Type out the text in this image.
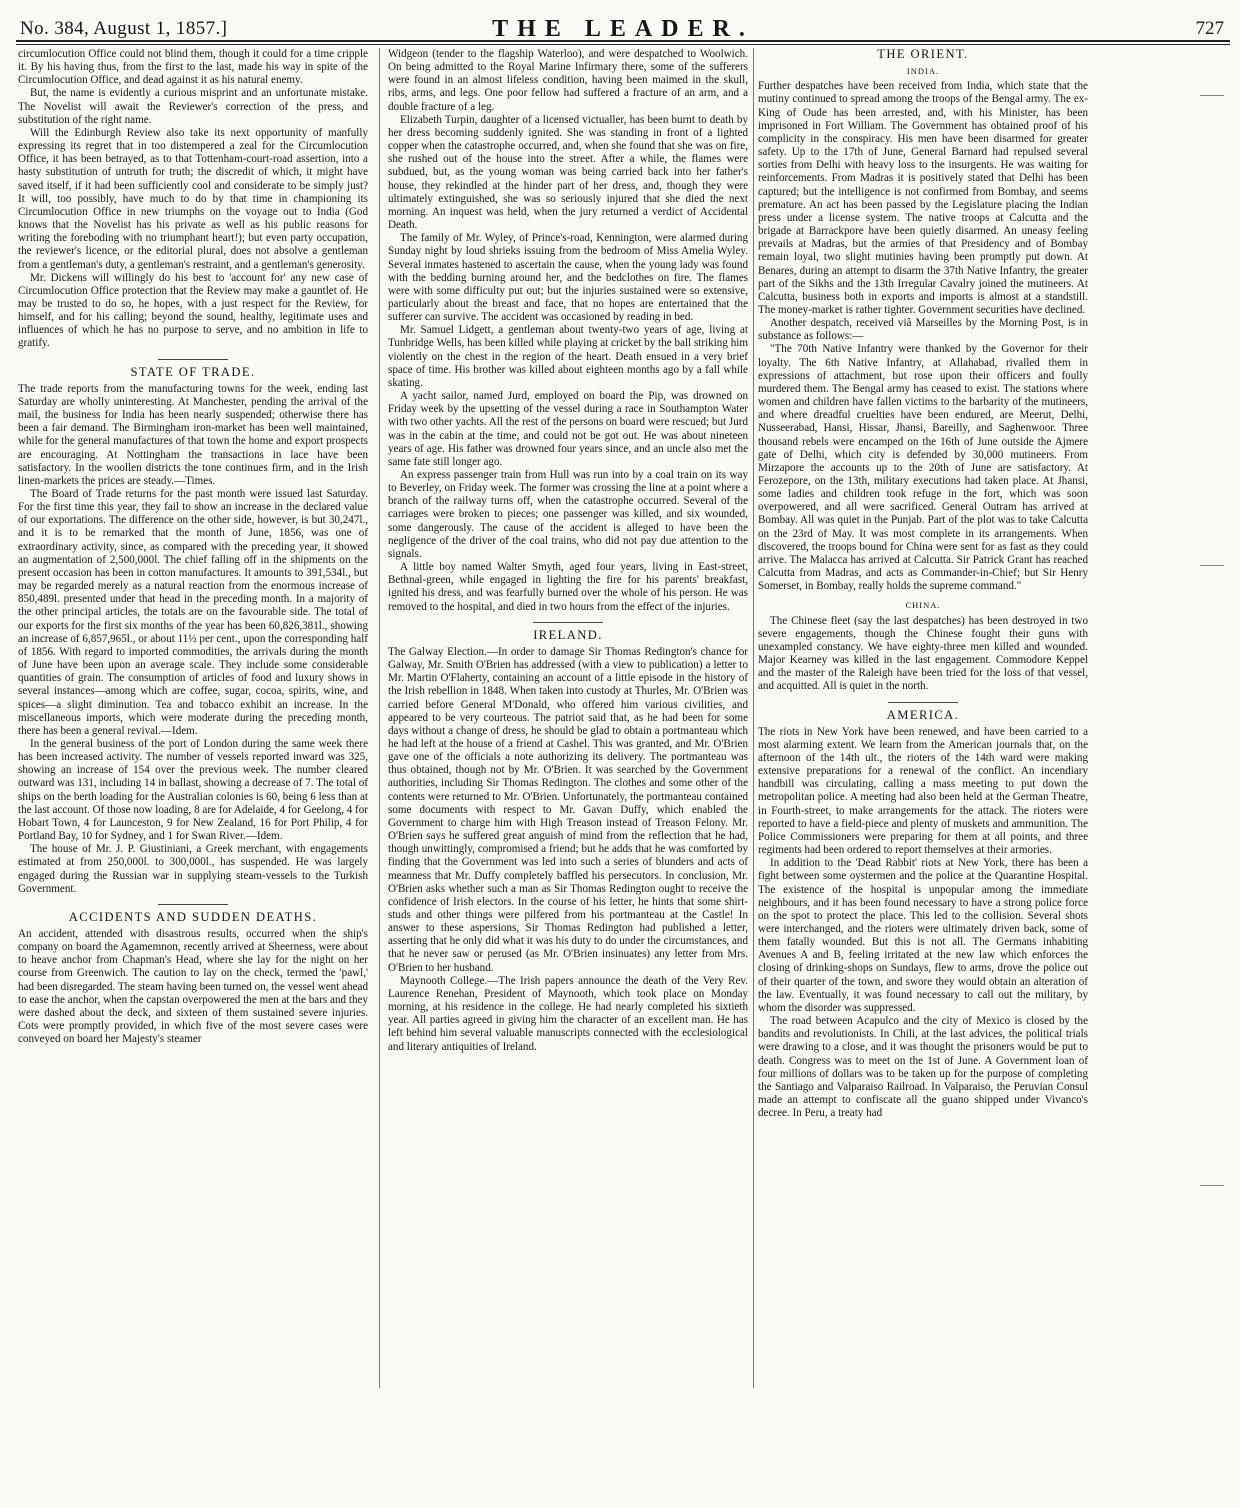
No. 384, August 1, 1857.]	THE LEADER.	727

circumlocution Office could not blind them, though it could for a time cripple it. By his having thus, from the first to the last, made his way in spite of the Circumlocution Office, and dead against it as his natural enemy.

But, the name is evidently a curious misprint and an unfortunate mistake. The Novelist will await the Reviewer's correction of the press, and substitution of the right name.

Will the Edinburgh Review also take its next opportunity of manfully expressing its regret that in too distempered a zeal for the Circumlocution Office, it has been betrayed, as to that Tottenham-court-road assertion, into a hasty substitution of untruth for truth; the discredit of which, it might have saved itself, if it had been sufficiently cool and considerate to be simply just? It will, too possibly, have much to do by that time in championing its Circumlocution Office in new triumphs on the voyage out to India (God knows that the Novelist has his private as well as his public reasons for writing the foreboding with no triumphant heart!); but even party occupation, the reviewer's licence, or the editorial plural, does not absolve a gentleman from a gentleman's duty, a gentleman's restraint, and a gentleman's generosity.

Mr. Dickens will willingly do his best to 'account for' any new case of Circumlocution Office protection that the Review may make a gauntlet of. He may be trusted to do so, he hopes, with a just respect for the Review, for himself, and for his calling; beyond the sound, healthy, legitimate uses and influences of which he has no purpose to serve, and no ambition in life to gratify.

STATE OF TRADE.

The trade reports from the manufacturing towns for the week, ending last Saturday are wholly uninteresting. At Manchester, pending the arrival of the mail, the business for India has been nearly suspended; otherwise there has been a fair demand. The Birmingham iron-market has been well maintained, while for the general manufactures of that town the home and export prospects are encouraging. At Nottingham the transactions in lace have been satisfactory. In the woollen districts the tone continues firm, and in the Irish linen-markets the prices are steady.—Times.

The Board of Trade returns for the past month were issued last Saturday. For the first time this year, they fail to show an increase in the declared value of our exportations. The difference on the other side, however, is but 30,247l., and it is to be remarked that the month of June, 1856, was one of extraordinary activity, since, as compared with the preceding year, it showed an augmentation of 2,500,000l. The chief falling off in the shipments on the present occasion has been in cotton manufactures. It amounts to 391,534l., but may be regarded merely as a natural reaction from the enormous increase of 850,489l. presented under that head in the preceding month. In a majority of the other principal articles, the totals are on the favourable side. The total of our exports for the first six months of the year has been 60,826,381l., showing an increase of 6,857,965l., or about 11½ per cent., upon the corresponding half of 1856. With regard to imported commodities, the arrivals during the month of June have been upon an average scale. They include some considerable quantities of grain. The consumption of articles of food and luxury shows in several instances—among which are coffee, sugar, cocoa, spirits, wine, and spices—a slight diminution. Tea and tobacco exhibit an increase. In the miscellaneous imports, which were moderate during the preceding month, there has been a general revival.—Idem.

In the general business of the port of London during the same week there has been increased activity. The number of vessels reported inward was 325, showing an increase of 154 over the previous week. The number cleared outward was 131, including 14 in ballast, showing a decrease of 7. The total of ships on the berth loading for the Australian colonies is 60, being 6 less than at the last account. Of those now loading, 8 are for Adelaide, 4 for Geelong, 4 for Hobart Town, 4 for Launceston, 9 for New Zealand, 16 for Port Philip, 4 for Portland Bay, 10 for Sydney, and 1 for Swan River.—Idem.

The house of Mr. J. P. Giustiniani, a Greek merchant, with engagements estimated at from 250,000l. to 300,000l., has suspended. He was largely engaged during the Russian war in supplying steam-vessels to the Turkish Government.

ACCIDENTS AND SUDDEN DEATHS.

An accident, attended with disastrous results, occurred when the ship's company on board the Agamemnon, recently arrived at Sheerness, were about to heave anchor from Chapman's Head, where she lay for the night on her course from Greenwich. The caution to lay on the check, termed the 'pawl,' had been disregarded. The steam having been turned on, the vessel went ahead to ease the anchor, when the capstan overpowered the men at the bars and they were dashed about the deck, and sixteen of them sustained severe injuries. Cots were promptly provided, in which five of the most severe cases were conveyed on board her Majesty's steamer

Widgeon (tender to the flagship Waterloo), and were despatched to Woolwich. On being admitted to the Royal Marine Infirmary there, some of the sufferers were found in an almost lifeless condition, having been maimed in the skull, ribs, arms, and legs. One poor fellow had suffered a fracture of an arm, and a double fracture of a leg.

Elizabeth Turpin, daughter of a licensed victualler, has been burnt to death by her dress becoming suddenly ignited. She was standing in front of a lighted copper when the catastrophe occurred, and, when she found that she was on fire, she rushed out of the house into the street. After a while, the flames were subdued, but, as the young woman was being carried back into her father's house, they rekindled at the hinder part of her dress, and, though they were ultimately extinguished, she was so seriously injured that she died the next morning. An inquest was held, when the jury returned a verdict of Accidental Death.

The family of Mr. Wyley, of Prince's-road, Kennington, were alarmed during Sunday night by loud shrieks issuing from the bedroom of Miss Amelia Wyley. Several inmates hastened to ascertain the cause, when the young lady was found with the bedding burning around her, and the bedclothes on fire. The flames were with some difficulty put out; but the injuries sustained were so extensive, particularly about the breast and face, that no hopes are entertained that the sufferer can survive. The accident was occasioned by reading in bed.

Mr. Samuel Lidgett, a gentleman about twenty-two years of age, living at Tunbridge Wells, has been killed while playing at cricket by the ball striking him violently on the chest in the region of the heart. Death ensued in a very brief space of time. His brother was killed about eighteen months ago by a fall while skating.

A yacht sailor, named Jurd, employed on board the Pip, was drowned on Friday week by the upsetting of the vessel during a race in Southampton Water with two other yachts. All the rest of the persons on board were rescued; but Jurd was in the cabin at the time, and could not be got out. He was about nineteen years of age. His father was drowned four years since, and an uncle also met the same fate still longer ago.

An express passenger train from Hull was run into by a coal train on its way to Beverley, on Friday week. The former was crossing the line at a point where a branch of the railway turns off, when the catastrophe occurred. Several of the carriages were broken to pieces; one passenger was killed, and six wounded, some dangerously. The cause of the accident is alleged to have been the negligence of the driver of the coal trains, who did not pay due attention to the signals.

A little boy named Walter Smyth, aged four years, living in East-street, Bethnal-green, while engaged in lighting the fire for his parents' breakfast, ignited his dress, and was fearfully burned over the whole of his person. He was removed to the hospital, and died in two hours from the effect of the injuries.

IRELAND.

The Galway Election.—In order to damage Sir Thomas Redington's chance for Galway, Mr. Smith O'Brien has addressed (with a view to publication) a letter to Mr. Martin O'Flaherty, containing an account of a little episode in the history of the Irish rebellion in 1848. When taken into custody at Thurles, Mr. O'Brien was carried before General M'Donald, who offered him various civilities, and appeared to be very courteous. The patriot said that, as he had been for some days without a change of dress, he should be glad to obtain a portmanteau which he had left at the house of a friend at Cashel. This was granted, and Mr. O'Brien gave one of the officials a note authorizing its delivery. The portmanteau was thus obtained, though not by Mr. O'Brien. It was searched by the Government authorities, including Sir Thomas Redington. The clothes and some other of the contents were returned to Mr. O'Brien. Unfortunately, the portmanteau contained some documents with respect to Mr. Gavan Duffy, which enabled the Government to charge him with High Treason instead of Treason Felony. Mr. O'Brien says he suffered great anguish of mind from the reflection that he had, though unwittingly, compromised a friend; but he adds that he was comforted by finding that the Government was led into such a series of blunders and acts of meanness that Mr. Duffy completely baffled his persecutors. In conclusion, Mr. O'Brien asks whether such a man as Sir Thomas Redington ought to receive the confidence of Irish electors. In the course of his letter, he hints that some shirt-studs and other things were pilfered from his portmanteau at the Castle! In answer to these aspersions, Sir Thomas Redington had published a letter, asserting that he only did what it was his duty to do under the circumstances, and that he never saw or perused (as Mr. O'Brien insinuates) any letter from Mrs. O'Brien to her husband.

Maynooth College.—The Irish papers announce the death of the Very Rev. Laurence Renehan, President of Maynooth, which took place on Monday morning, at his residence in the college. He had nearly completed his sixtieth year. All parties agreed in giving him the character of an excellent man. He has left behind him several valuable manuscripts connected with the ecclesiological and literary antiquities of Ireland.

THE ORIENT.
INDIA.

Further despatches have been received from India, which state that the mutiny continued to spread among the troops of the Bengal army. The ex-King of Oude has been arrested, and, with his Minister, has been imprisoned in Fort William. The Government has obtained proof of his complicity in the conspiracy. His men have been disarmed for greater safety. Up to the 17th of June, General Barnard had repulsed several sorties from Delhi with heavy loss to the insurgents. He was waiting for reinforcements. From Madras it is positively stated that Delhi has been captured; but the intelligence is not confirmed from Bombay, and seems premature. An act has been passed by the Legislature placing the Indian press under a license system. The native troops at Calcutta and the brigade at Barrackpore have been quietly disarmed. An uneasy feeling prevails at Madras, but the armies of that Presidency and of Bombay remain loyal, two slight mutinies having been promptly put down. At Benares, during an attempt to disarm the 37th Native Infantry, the greater part of the Sikhs and the 13th Irregular Cavalry joined the mutineers. At Calcutta, business both in exports and imports is almost at a standstill. The money-market is rather tighter. Government securities have declined.

Another despatch, received viâ Marseilles by the Morning Post, is in substance as follows:—

"The 70th Native Infantry were thanked by the Governor for their loyalty. The 6th Native Infantry, at Allahabad, rivalled them in expressions of attachment, but rose upon their officers and foully murdered them. The Bengal army has ceased to exist. The stations where women and children have fallen victims to the barbarity of the mutineers, and where dreadful cruelties have been endured, are Meerut, Delhi, Nusseerabad, Hansi, Hissar, Jhansi, Bareilly, and Saghenwoor. Three thousand rebels were encamped on the 16th of June outside the Ajmere gate of Delhi, which city is defended by 30,000 mutineers. From Mirzapore the accounts up to the 20th of June are satisfactory. At Ferozepore, on the 13th, military executions had taken place. At Jhansi, some ladies and children took refuge in the fort, which was soon overpowered, and all were sacrificed. General Outram has arrived at Bombay. All was quiet in the Punjab. Part of the plot was to take Calcutta on the 23rd of May. It was most complete in its arrangements. When discovered, the troops bound for China were sent for as fast as they could arrive. The Malacca has arrived at Calcutta. Sir Patrick Grant has reached Calcutta from Madras, and acts as Commander-in-Chief; but Sir Henry Somerset, in Bombay, really holds the supreme command."

CHINA.

The Chinese fleet (say the last despatches) has been destroyed in two severe engagements, though the Chinese fought their guns with unexampled constancy. We have eighty-three men killed and wounded. Major Kearney was killed in the last engagement. Commodore Keppel and the master of the Raleigh have been tried for the loss of that vessel, and acquitted. All is quiet in the north.

AMERICA.

The riots in New York have been renewed, and have been carried to a most alarming extent. We learn from the American journals that, on the afternoon of the 14th ult., the rioters of the 14th ward were making extensive preparations for a renewal of the conflict. An incendiary handbill was circulating, calling a mass meeting to put down the metropolitan police. A meeting had also been held at the German Theatre, in Fourth-street, to make arrangements for the attack. The rioters were reported to have a field-piece and plenty of muskets and ammunition. The Police Commissioners were preparing for them at all points, and three regiments had been ordered to report themselves at their armories.

In addition to the 'Dead Rabbit' riots at New York, there has been a fight between some oystermen and the police at the Quarantine Hospital. The existence of the hospital is unpopular among the immediate neighbours, and it has been found necessary to have a strong police force on the spot to protect the place. This led to the collision. Several shots were interchanged, and the rioters were ultimately driven back, some of them fatally wounded. But this is not all. The Germans inhabiting Avenues A and B, feeling irritated at the new law which enforces the closing of drinking-shops on Sundays, flew to arms, drove the police out of their quarter of the town, and swore they would obtain an alteration of the law. Eventually, it was found necessary to call out the military, by whom the disorder was suppressed.

The road between Acapulco and the city of Mexico is closed by the bandits and revolutionists. In Chili, at the last advices, the political trials were drawing to a close, and it was thought the prisoners would be put to death. Congress was to meet on the 1st of June. A Government loan of four millions of dollars was to be taken up for the purpose of completing the Santiago and Valparaiso Railroad. In Valparaiso, the Peruvian Consul made an attempt to confiscate all the guano shipped under Vivanco's decree. In Peru, a treaty had
